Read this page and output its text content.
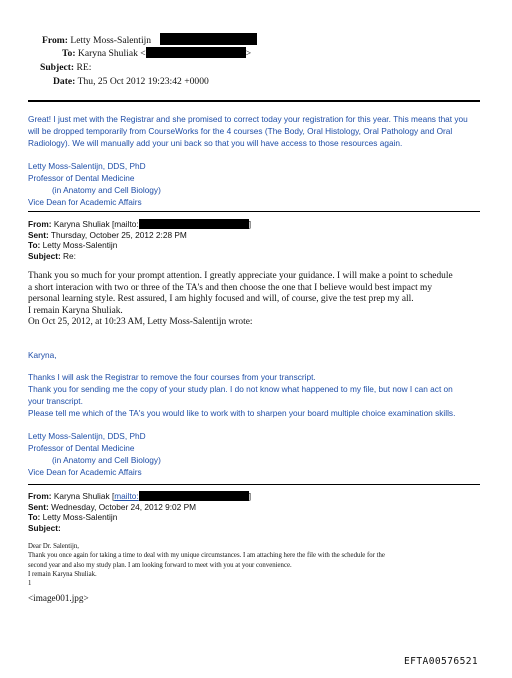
From: Letty Moss-Salentijn
To: Karyna Shuliak <	>
Subject: RE:
Date: Thu, 25 Oct 2012 19:23:42 +0000
Great! I just met with the Registrar and she promised to correct today your registration for this year. This means that you
will be dropped temporarily from CourseWorks for the 4 courses (The Body, Oral Histology, Oral Pathology and Oral
Radiology). We will manually add your uni back so that you will have access to those resources again.
Letty Moss-Salentijn, DDS, PhD
Professor of Dental Medicine
(in Anatomy and Cell Biology)
Vice Dean for Academic Affairs
From: Karyna Shuliak [mailto:	]
Sent: Thursday, October 25, 2012 2:28 PM
To: Letty Moss-Salentijn
Subject: Re:
Thank you so much for your prompt attention. I greatly appreciate your guidance. I will make a point to schedule
a short interacion with two or three of the TA's and then choose the one that I believe would best impact my
personal learning style. Rest assured, I am highly focused and will, of course, give the test prep my all.
I remain Karyna Shuliak.
On Oct 25, 2012, at 10:23 AM, Letty Moss-Salentijn wrote:
Karyna,
Thanks I will ask the Registrar to remove the four courses from your transcript.
Thank you for sending me the copy of your study plan. I do not know what happened to my file, but now I can act on
your transcript.
Please tell me which of the TA's you would like to work with to sharpen your board multiple choice examination skills.
Letty Moss-Salentijn, DDS, PhD
Professor of Dental Medicine
(in Anatomy and Cell Biology)
Vice Dean for Academic Affairs
From: Karyna Shuliak [mailto:	]
Sent: Wednesday, October 24, 2012 9:02 PM
To: Letty Moss-Salentijn
Subject:
Dear Dr. Salentijn,
Thank you once again for taking a time to deal with my unique circumstances. I am attaching here the file with the schedule for the
second year and also my study plan. I am looking forward to meet with you at your convenience.
I remain Karyna Shuliak.
1
<image001.jpg>
EFTA00576521
